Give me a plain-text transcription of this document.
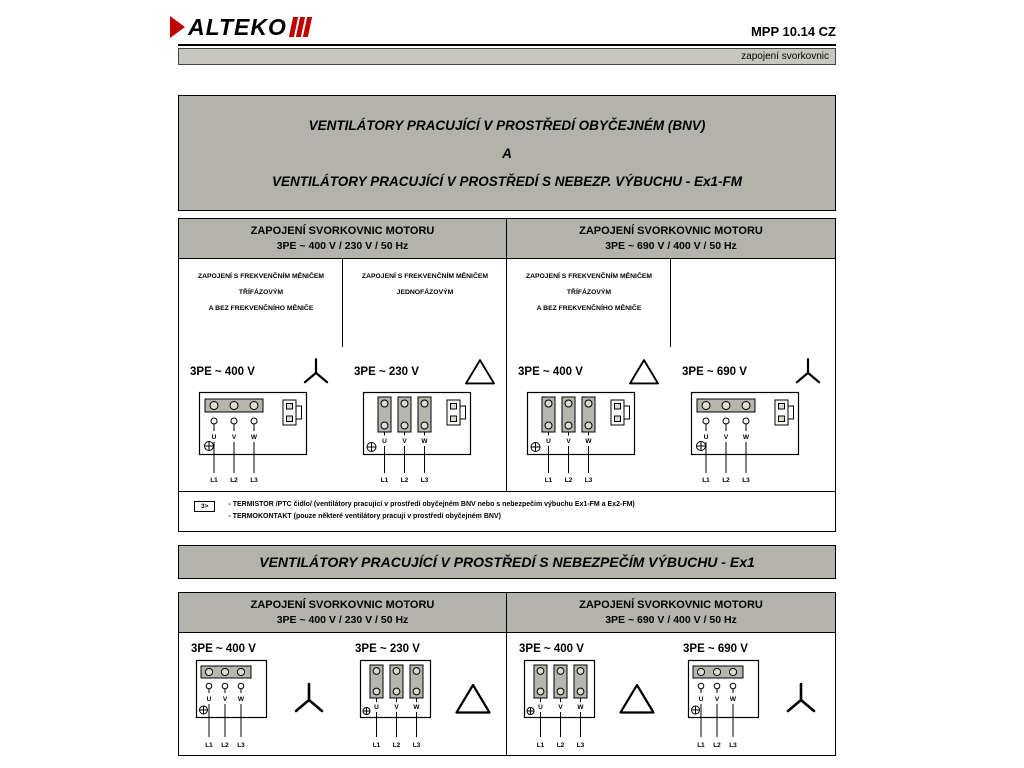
ALTEKO	MPP 10.14 CZ
zapojení svorkovnic
VENTILÁTORY PRACUJÍCÍ V PROSTŘEDÍ OBYČEJNÉM (BNV)
A
VENTILÁTORY PRACUJÍCÍ V PROSTŘEDÍ S NEBEZP. VÝBUCHU - Ex1-FM
ZAPOJENÍ SVORKOVNIC MOTORU
3PE ~ 400 V / 230 V / 50 Hz
ZAPOJENÍ S FREKVENČNÍM MĚNIČEM
TŘÍFÁZOVÝM
A BEZ FREKVENČNÍHO MĚNIČE
3PE ~ 400 V
U V W
L1 L2 L3
ZAPOJENÍ S FREKVENČNÍM MĚNIČEM
JEDNOFÁZOVÝM
3PE ~ 230 V
U V W
L1 L2 L3
ZAPOJENÍ SVORKOVNIC MOTORU
3PE ~ 690 V / 400 V / 50 Hz
ZAPOJENÍ S FREKVENČNÍM MĚNIČEM
TŘÍFÁZOVÝM
A BEZ FREKVENČNÍHO MĚNIČE
3PE ~ 400 V
U V W
L1 L2 L3
3PE ~ 690 V
U V W
L1 L2 L3
3>	- TERMISTOR /PTC čidlo/ (ventilátory pracující v prostředí obyčejném BNV nebo s nebezpečím výbuchu Ex1-FM a Ex2-FM)
- TERMOKONTAKT (pouze některé ventilátory pracují v prostředí obyčejném BNV)
VENTILÁTORY PRACUJÍCÍ V PROSTŘEDÍ S NEBEZPEČÍM VÝBUCHU - Ex1
ZAPOJENÍ SVORKOVNIC MOTORU
3PE ~ 400 V / 230 V / 50 Hz
3PE ~ 400 V
U V W
L1 L2 L3
3PE ~ 230 V
U V W
L1 L2 L3
ZAPOJENÍ SVORKOVNIC MOTORU
3PE ~ 690 V / 400 V / 50 Hz
3PE ~ 400 V
U V W
L1 L2 L3
3PE ~ 690 V
U V W
L1 L2 L3
